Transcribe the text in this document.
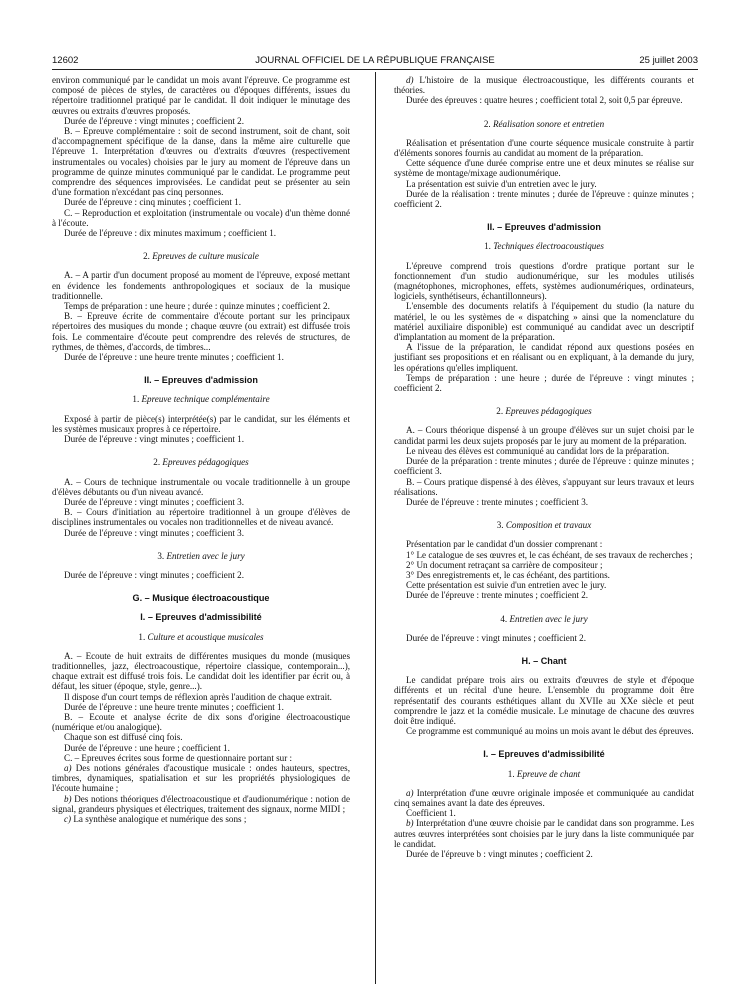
12602	JOURNAL OFFICIEL DE LA RÉPUBLIQUE FRANÇAISE	25 juillet 2003

environ communiqué par le candidat un mois avant l'épreuve. Ce programme est composé de pièces de styles, de caractères ou d'époques différents, issues du répertoire traditionnel pratiqué par le candidat. Il doit indiquer le minutage des œuvres ou extraits d'œuvres proposés.

Durée de l'épreuve : vingt minutes ; coefficient 2.

B. – Epreuve complémentaire : soit de second instrument, soit de chant, soit d'accompagnement spécifique de la danse, dans la même aire culturelle que l'épreuve 1. Interprétation d'œuvres ou d'extraits d'œuvres (respectivement instrumentales ou vocales) choisies par le jury au moment de l'épreuve dans un programme de quinze minutes communiqué par le candidat. Le programme peut comprendre des séquences improvisées. Le candidat peut se présenter au sein d'une formation n'excédant pas cinq personnes.

Durée de l'épreuve : cinq minutes ; coefficient 1.

C. – Reproduction et exploitation (instrumentale ou vocale) d'un thème donné à l'écoute.

Durée de l'épreuve : dix minutes maximum ; coefficient 1.

2. Epreuves de culture musicale

A. – A partir d'un document proposé au moment de l'épreuve, exposé mettant en évidence les fondements anthropologiques et sociaux de la musique traditionnelle.

Temps de préparation : une heure ; durée : quinze minutes ; coefficient 2.

B. – Epreuve écrite de commentaire d'écoute portant sur les principaux répertoires des musiques du monde ; chaque œuvre (ou extrait) est diffusée trois fois. Le commentaire d'écoute peut comprendre des relevés de structures, de rythmes, de thèmes, d'accords, de timbres...

Durée de l'épreuve : une heure trente minutes ; coefficient 1.

II. – Epreuves d'admission
1. Epreuve technique complémentaire

Exposé à partir de pièce(s) interprétée(s) par le candidat, sur les éléments et les systèmes musicaux propres à ce répertoire.

Durée de l'épreuve : vingt minutes ; coefficient 1.

2. Epreuves pédagogiques

A. – Cours de technique instrumentale ou vocale traditionnelle à un groupe d'élèves débutants ou d'un niveau avancé.

Durée de l'épreuve : vingt minutes ; coefficient 3.

B. – Cours d'initiation au répertoire traditionnel à un groupe d'élèves de disciplines instrumentales ou vocales non traditionnelles et de niveau avancé.

Durée de l'épreuve : vingt minutes ; coefficient 3.

3. Entretien avec le jury

Durée de l'épreuve : vingt minutes ; coefficient 2.

G. – Musique électroacoustique
I. – Epreuves d'admissibilité
1. Culture et acoustique musicales

A. – Ecoute de huit extraits de différentes musiques du monde (musiques traditionnelles, jazz, électroacoustique, répertoire classique, contemporain...), chaque extrait est diffusé trois fois. Le candidat doit les identifier par écrit ou, à défaut, les situer (époque, style, genre...).

Il dispose d'un court temps de réflexion après l'audition de chaque extrait.

Durée de l'épreuve : une heure trente minutes ; coefficient 1.

B. – Ecoute et analyse écrite de dix sons d'origine électroacoustique (numérique et/ou analogique).

Chaque son est diffusé cinq fois.

Durée de l'épreuve : une heure ; coefficient 1.

C. – Epreuves écrites sous forme de questionnaire portant sur :

a) Des notions générales d'acoustique musicale : ondes hauteurs, spectres, timbres, dynamiques, spatialisation et sur les propriétés physiologiques de l'écoute humaine ;

b) Des notions théoriques d'électroacoustique et d'audionumérique : notion de signal, grandeurs physiques et électriques, traitement des signaux, norme MIDI ;

c) La synthèse analogique et numérique des sons ;

d) L'histoire de la musique électroacoustique, les différents courants et théories.

Durée des épreuves : quatre heures ; coefficient total 2, soit 0,5 par épreuve.

2. Réalisation sonore et entretien

Réalisation et présentation d'une courte séquence musicale construite à partir d'éléments sonores fournis au candidat au moment de la préparation.

Cette séquence d'une durée comprise entre une et deux minutes se réalise sur système de montage/mixage audionumérique.

La présentation est suivie d'un entretien avec le jury.

Durée de la réalisation : trente minutes ; durée de l'épreuve : quinze minutes ; coefficient 2.

II. – Epreuves d'admission
1. Techniques électroacoustiques

L'épreuve comprend trois questions d'ordre pratique portant sur le fonctionnement d'un studio audionumérique, sur les modules utilisés (magnétophones, microphones, effets, systèmes audionumériques, ordinateurs, logiciels, synthétiseurs, échantillonneurs).

L'ensemble des documents relatifs à l'équipement du studio (la nature du matériel, le ou les systèmes de « dispatching » ainsi que la nomenclature du matériel auxiliaire disponible) est communiqué au candidat avec un descriptif d'implantation au moment de la préparation.

A l'issue de la préparation, le candidat répond aux questions posées en justifiant ses propositions et en réalisant ou en expliquant, à la demande du jury, les opérations qu'elles impliquent.

Temps de préparation : une heure ; durée de l'épreuve : vingt minutes ; coefficient 2.

2. Epreuves pédagogiques

A. – Cours théorique dispensé à un groupe d'élèves sur un sujet choisi par le candidat parmi les deux sujets proposés par le jury au moment de la préparation.

Le niveau des élèves est communiqué au candidat lors de la préparation.

Durée de la préparation : trente minutes ; durée de l'épreuve : quinze minutes ; coefficient 3.

B. – Cours pratique dispensé à des élèves, s'appuyant sur leurs travaux et leurs réalisations.

Durée de l'épreuve : trente minutes ; coefficient 3.

3. Composition et travaux

Présentation par le candidat d'un dossier comprenant :

1° Le catalogue de ses œuvres et, le cas échéant, de ses travaux de recherches ;

2° Un document retraçant sa carrière de compositeur ;

3° Des enregistrements et, le cas échéant, des partitions.

Cette présentation est suivie d'un entretien avec le jury.

Durée de l'épreuve : trente minutes ; coefficient 2.

4. Entretien avec le jury

Durée de l'épreuve : vingt minutes ; coefficient 2.

H. – Chant

Le candidat prépare trois airs ou extraits d'œuvres de style et d'époque différents et un récital d'une heure. L'ensemble du programme doit être représentatif des courants esthétiques allant du XVIIe au XXe siècle et peut comprendre le jazz et la comédie musicale. Le minutage de chacune des œuvres doit être indiqué.

Ce programme est communiqué au moins un mois avant le début des épreuves.

I. – Epreuves d'admissibilité
1. Epreuve de chant

a) Interprétation d'une œuvre originale imposée et communiquée au candidat cinq semaines avant la date des épreuves.

Coefficient 1.

b) Interprétation d'une œuvre choisie par le candidat dans son programme. Les autres œuvres interprétées sont choisies par le jury dans la liste communiquée par le candidat.

Durée de l'épreuve b : vingt minutes ; coefficient 2.
